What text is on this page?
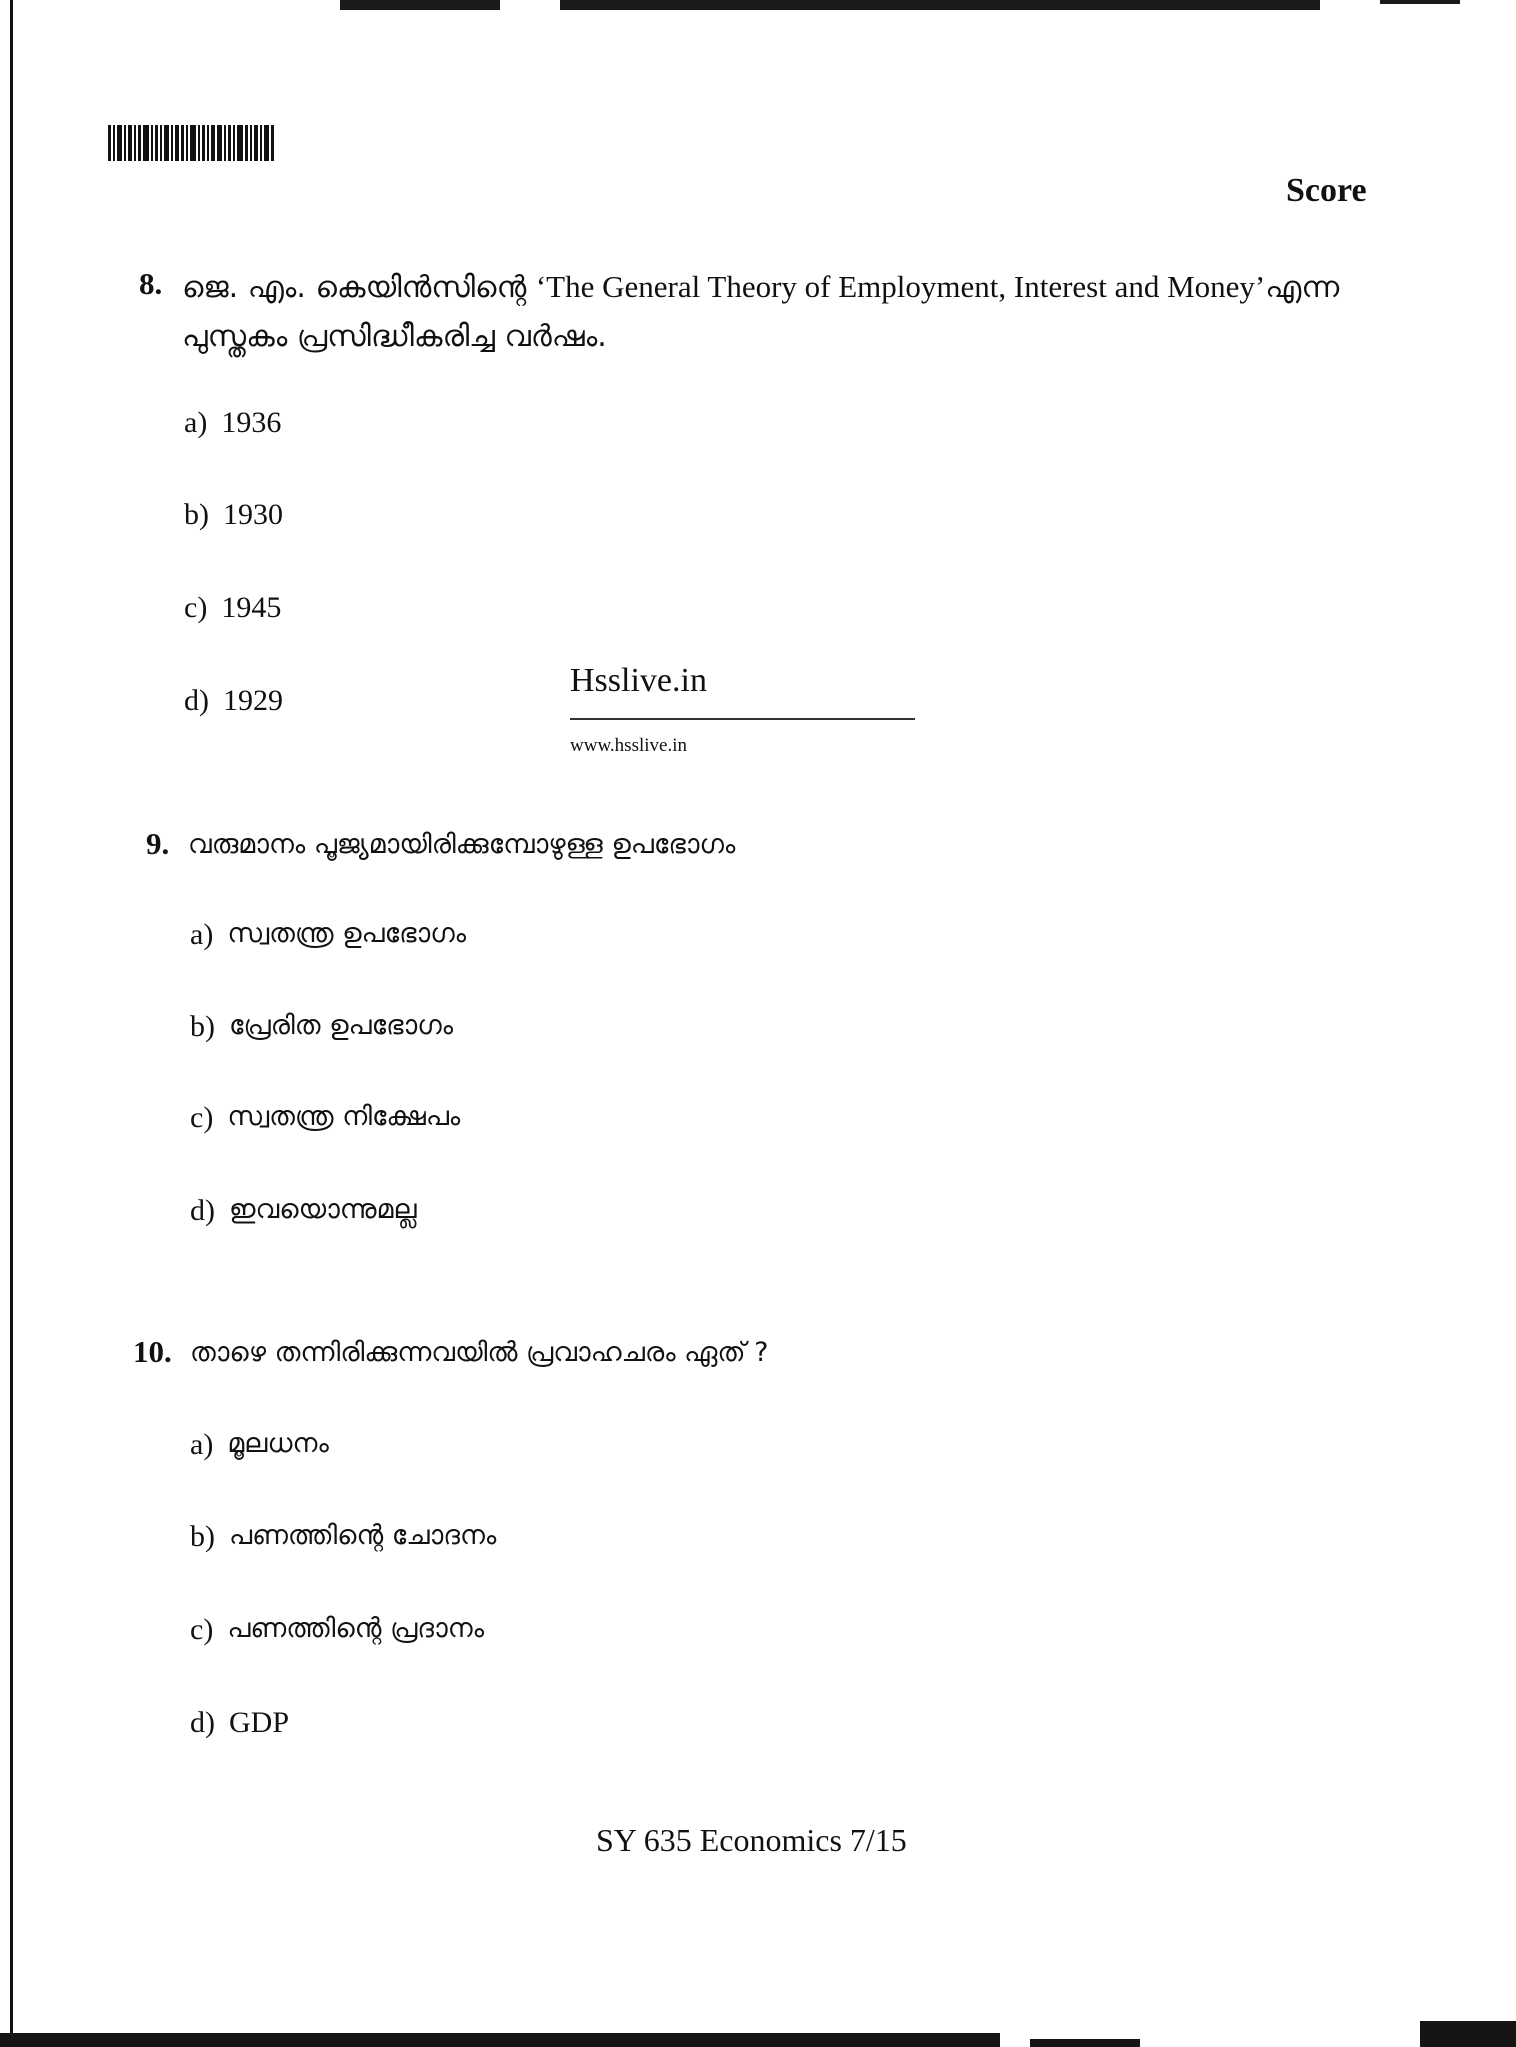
Score
8. ജെ. എം. കെയിൻസിന്റെ ‘The General Theory of Employment, Interest and Money’എന്ന
പുസ്തകം പ്രസിദ്ധീകരിച്ച വർഷം.
a) 1936
b) 1930
c) 1945
d) 1929
Hsslive.in
www.hsslive.in
9. വരുമാനം പൂജ്യമായിരിക്കുമ്പോഴുള്ള ഉപഭോഗം
a) സ്വതന്ത്ര ഉപഭോഗം
b) പ്രേരിത ഉപഭോഗം
c) സ്വതന്ത്ര നിക്ഷേപം
d) ഇവയൊന്നുമല്ല
10. താഴെ തന്നിരിക്കുന്നവയിൽ പ്രവാഹചരം ഏത് ?
a) മൂലധനം
b) പണത്തിന്റെ ചോദനം
c) പണത്തിന്റെ പ്രദാനം
d) GDP
SY 635 Economics 7/15
